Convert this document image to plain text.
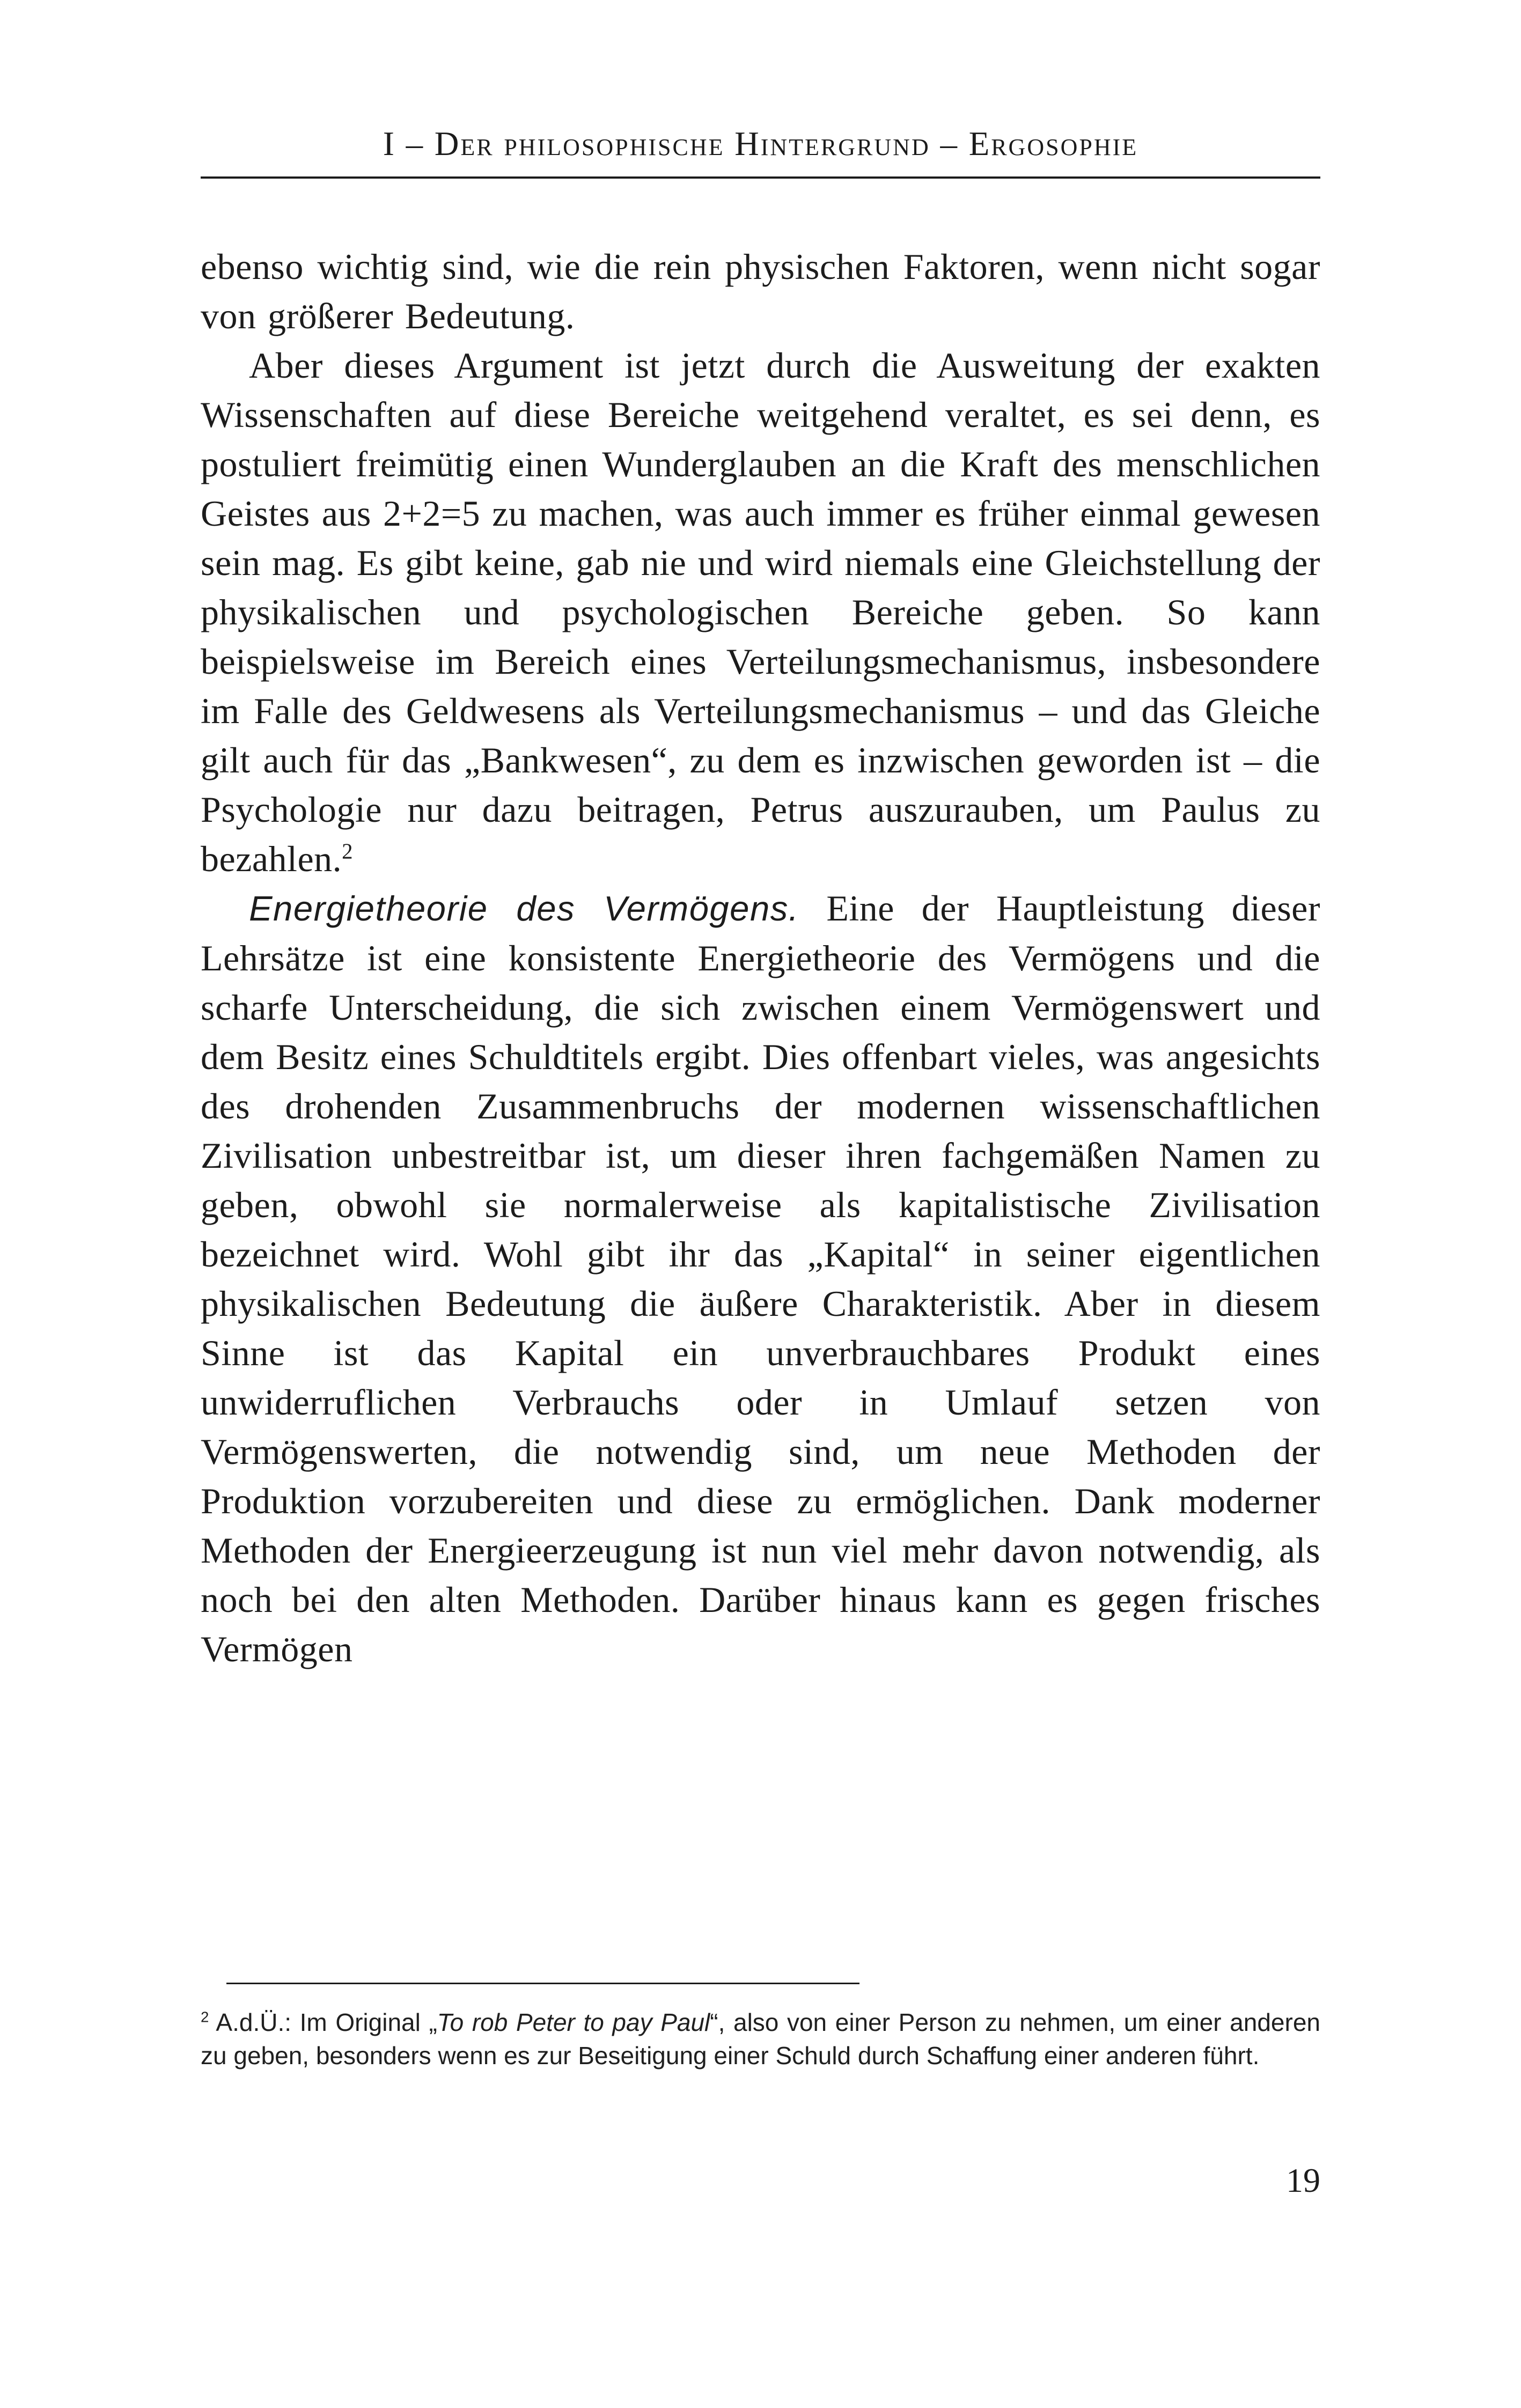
I – Der philosophische Hintergrund – Ergosophie

ebenso wichtig sind, wie die rein physischen Faktoren, wenn nicht sogar von größerer Bedeutung.

Aber dieses Argument ist jetzt durch die Ausweitung der exakten Wissenschaften auf diese Bereiche weitgehend veraltet, es sei denn, es postuliert freimütig einen Wunderglauben an die Kraft des menschlichen Geistes aus 2+2=5 zu machen, was auch immer es früher einmal gewesen sein mag. Es gibt keine, gab nie und wird niemals eine Gleichstellung der physikalischen und psychologischen Bereiche geben. So kann beispielsweise im Bereich eines Verteilungsmechanismus, insbesondere im Falle des Geldwesens als Verteilungsmechanismus – und das Gleiche gilt auch für das „Bankwesen“, zu dem es inzwischen geworden ist – die Psychologie nur dazu beitragen, Petrus auszurauben, um Paulus zu bezahlen.$^2$

Energietheorie des Vermögens. Eine der Hauptleistung dieser Lehrsätze ist eine konsistente Energietheorie des Vermögens und die scharfe Unterscheidung, die sich zwischen einem Vermögenswert und dem Besitz eines Schuldtitels ergibt. Dies offenbart vieles, was angesichts des drohenden Zusammenbruchs der modernen wissenschaftlichen Zivilisation unbestreitbar ist, um dieser ihren fachgemäßen Namen zu geben, obwohl sie normalerweise als kapitalistische Zivilisation bezeichnet wird. Wohl gibt ihr das „Kapital“ in seiner eigentlichen physikalischen Bedeutung die äußere Charakteristik. Aber in diesem Sinne ist das Kapital ein unverbrauchbares Produkt eines unwiderruflichen Verbrauchs oder in Umlauf setzen von Vermögenswerten, die notwendig sind, um neue Methoden der Produktion vorzubereiten und diese zu ermöglichen. Dank moderner Methoden der Energieerzeugung ist nun viel mehr davon notwendig, als noch bei den alten Methoden. Darüber hinaus kann es gegen frisches Vermögen

$^2$ A.d.Ü.: Im Original „To rob Peter to pay Paul“, also von einer Person zu nehmen, um einer anderen zu geben, besonders wenn es zur Beseitigung einer Schuld durch Schaffung einer anderen führt.
19
